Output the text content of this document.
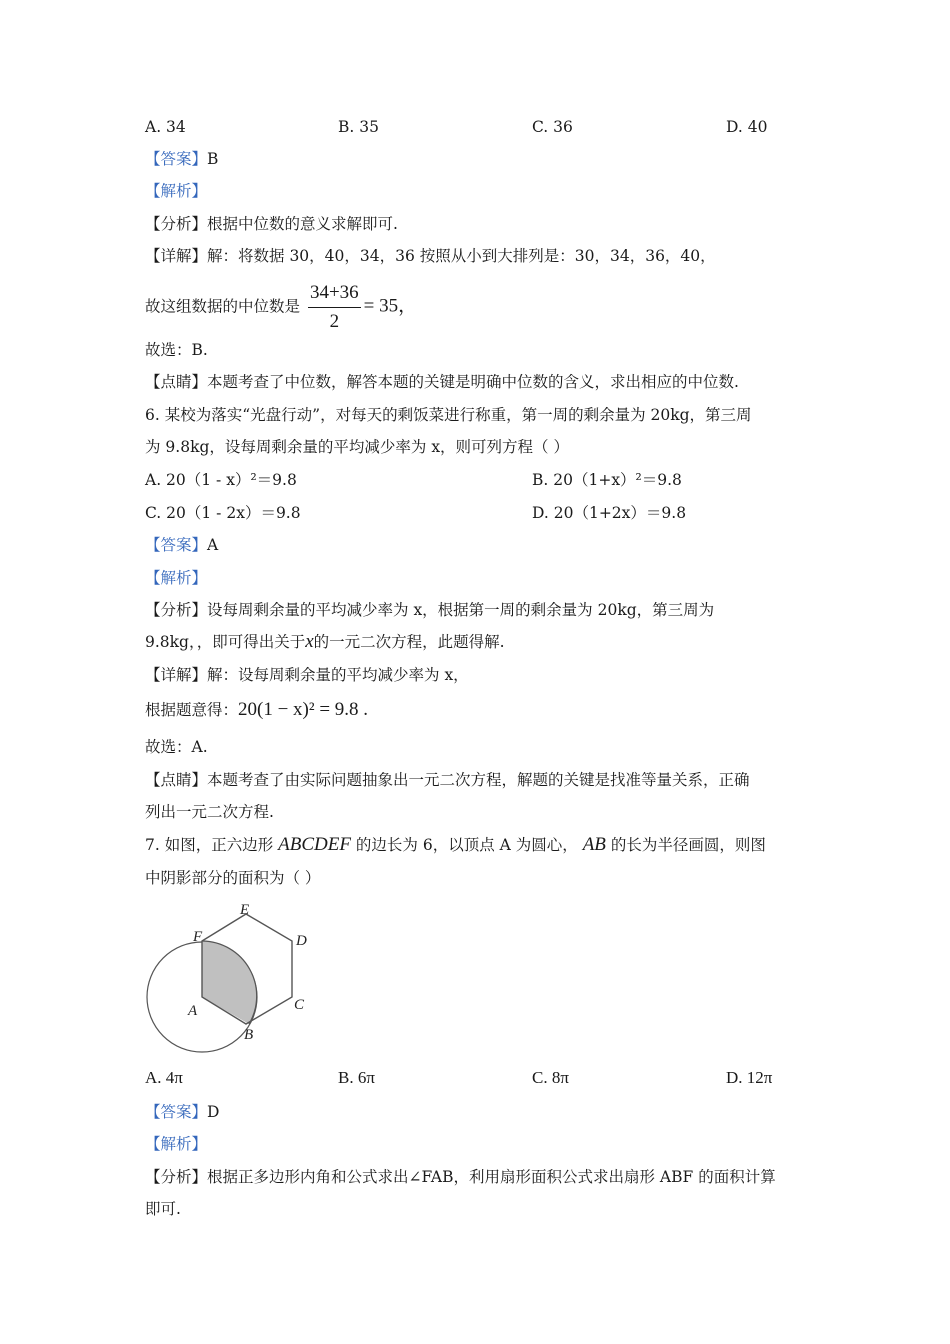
A. 34	B. 35	C. 36	D. 40
【答案】B
【解析】
【分析】根据中位数的意义求解即可.
【详解】解：将数据 30，40，34，36 按照从小到大排列是：30，34，36，40，
故这组数据的中位数是 $\frac{34+36}{2} = 35$，
故选：B.
【点睛】本题考查了中位数，解答本题的关键是明确中位数的含义，求出相应的中位数.
6. 某校为落实“光盘行动”，对每天的剩饭菜进行称重，第一周的剩余量为 20kg，第三周
为 9.8kg，设每周剩余量的平均减少率为 x，则可列方程（ ）
A. 20（1 - x）²＝9.8	B. 20（1+x）²＝9.8
C. 20（1 - 2x）＝9.8	D. 20（1+2x）＝9.8
【答案】A
【解析】
【分析】设每周剩余量的平均减少率为 x，根据第一周的剩余量为 20kg，第三周为
9.8kg，，即可得出关于x的一元二次方程，此题得解.
【详解】解：设每周剩余量的平均减少率为 x，
根据题意得：20(1 − x)² = 9.8 .
故选：A.
【点睛】本题考查了由实际问题抽象出一元二次方程，解题的关键是找准等量关系，正确
列出一元二次方程.
7. 如图，正六边形 ABCDEF 的边长为 6，以顶点 A 为圆心， AB 的长为半径画圆，则图
中阴影部分的面积为（ ）
E
F	D
A	C
B
A. 4π	B. 6π	C. 8π	D. 12π
【答案】D
【解析】
【分析】根据正多边形内角和公式求出∠FAB，利用扇形面积公式求出扇形 ABF 的面积计算
即可.
